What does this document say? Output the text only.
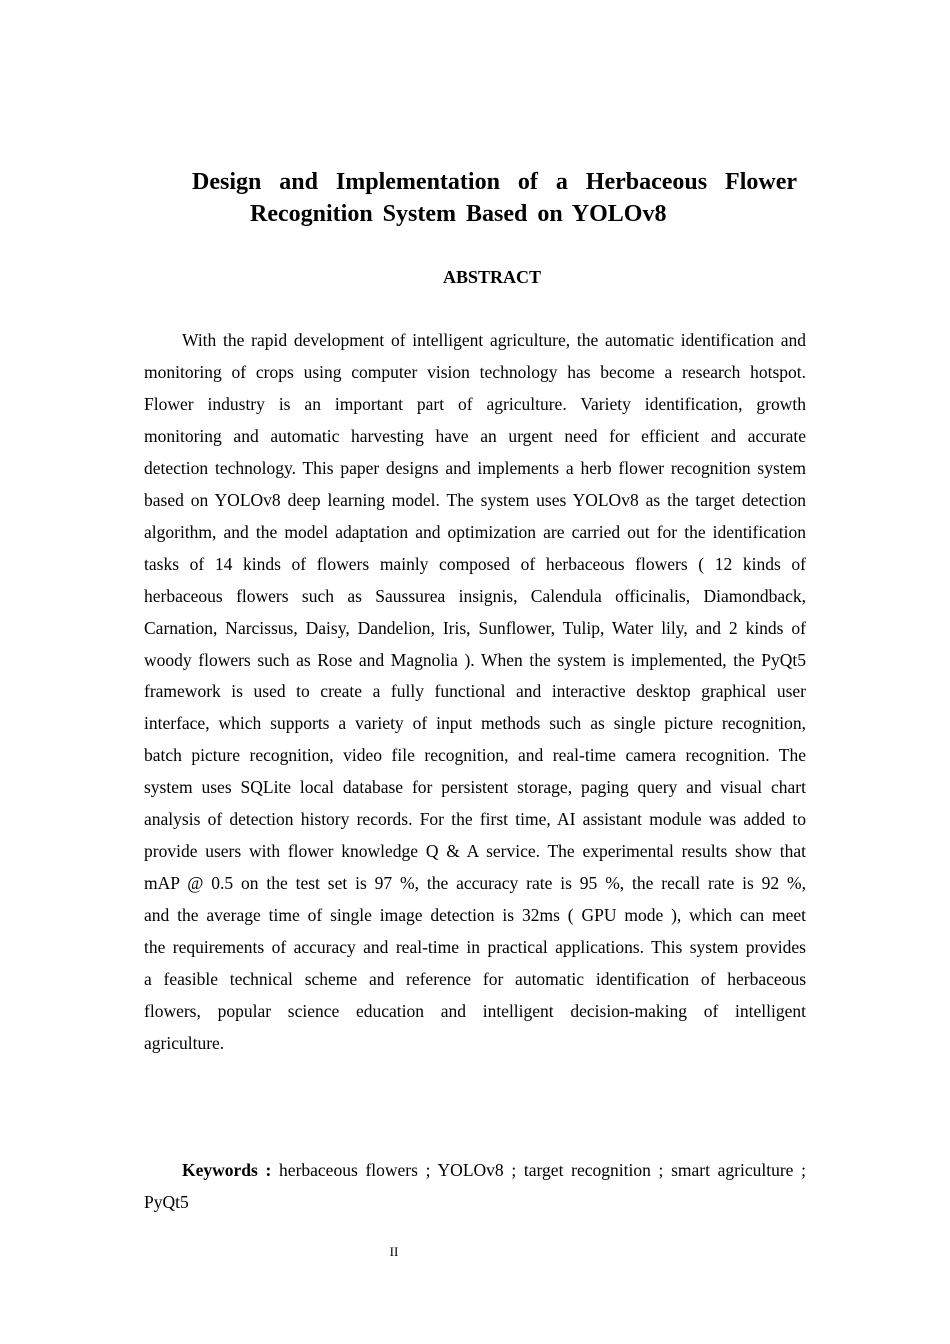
Design and Implementation of a Herbaceous Flower
Recognition System Based on YOLOv8
ABSTRACT

With the rapid development of intelligent agriculture, the automatic identification and monitoring of crops using computer vision technology has become a research hotspot. Flower industry is an important part of agriculture. Variety identification, growth monitoring and automatic harvesting have an urgent need for efficient and accurate detection technology. This paper designs and implements a herb flower recognition system based on YOLOv8 deep learning model. The system uses YOLOv8 as the target detection algorithm, and the model adaptation and optimization are carried out for the identification tasks of 14 kinds of flowers mainly composed of herbaceous flowers ( 12 kinds of herbaceous flowers such as Saussurea insignis, Calendula officinalis, Diamondback, Carnation, Narcissus, Daisy, Dandelion, Iris, Sunflower, Tulip, Water lily, and 2 kinds of woody flowers such as Rose and Magnolia ). When the system is implemented, the PyQt5 framework is used to create a fully functional and interactive desktop graphical user interface, which supports a variety of input methods such as single picture recognition, batch picture recognition, video file recognition, and real-time camera recognition. The system uses SQLite local database for persistent storage, paging query and visual chart analysis of detection history records. For the first time, AI assistant module was added to provide users with flower knowledge Q & A service. The experimental results show that mAP @ 0.5 on the test set is 97 %, the accuracy rate is 95 %, the recall rate is 92 %, and the average time of single image detection is 32ms ( GPU mode ), which can meet the requirements of accuracy and real-time in practical applications. This system provides a feasible technical scheme and reference for automatic identification of herbaceous flowers, popular science education and intelligent decision-making of intelligent agriculture.

Keywords : herbaceous flowers ; YOLOv8 ; target recognition ; smart agriculture ; PyQt5

II
